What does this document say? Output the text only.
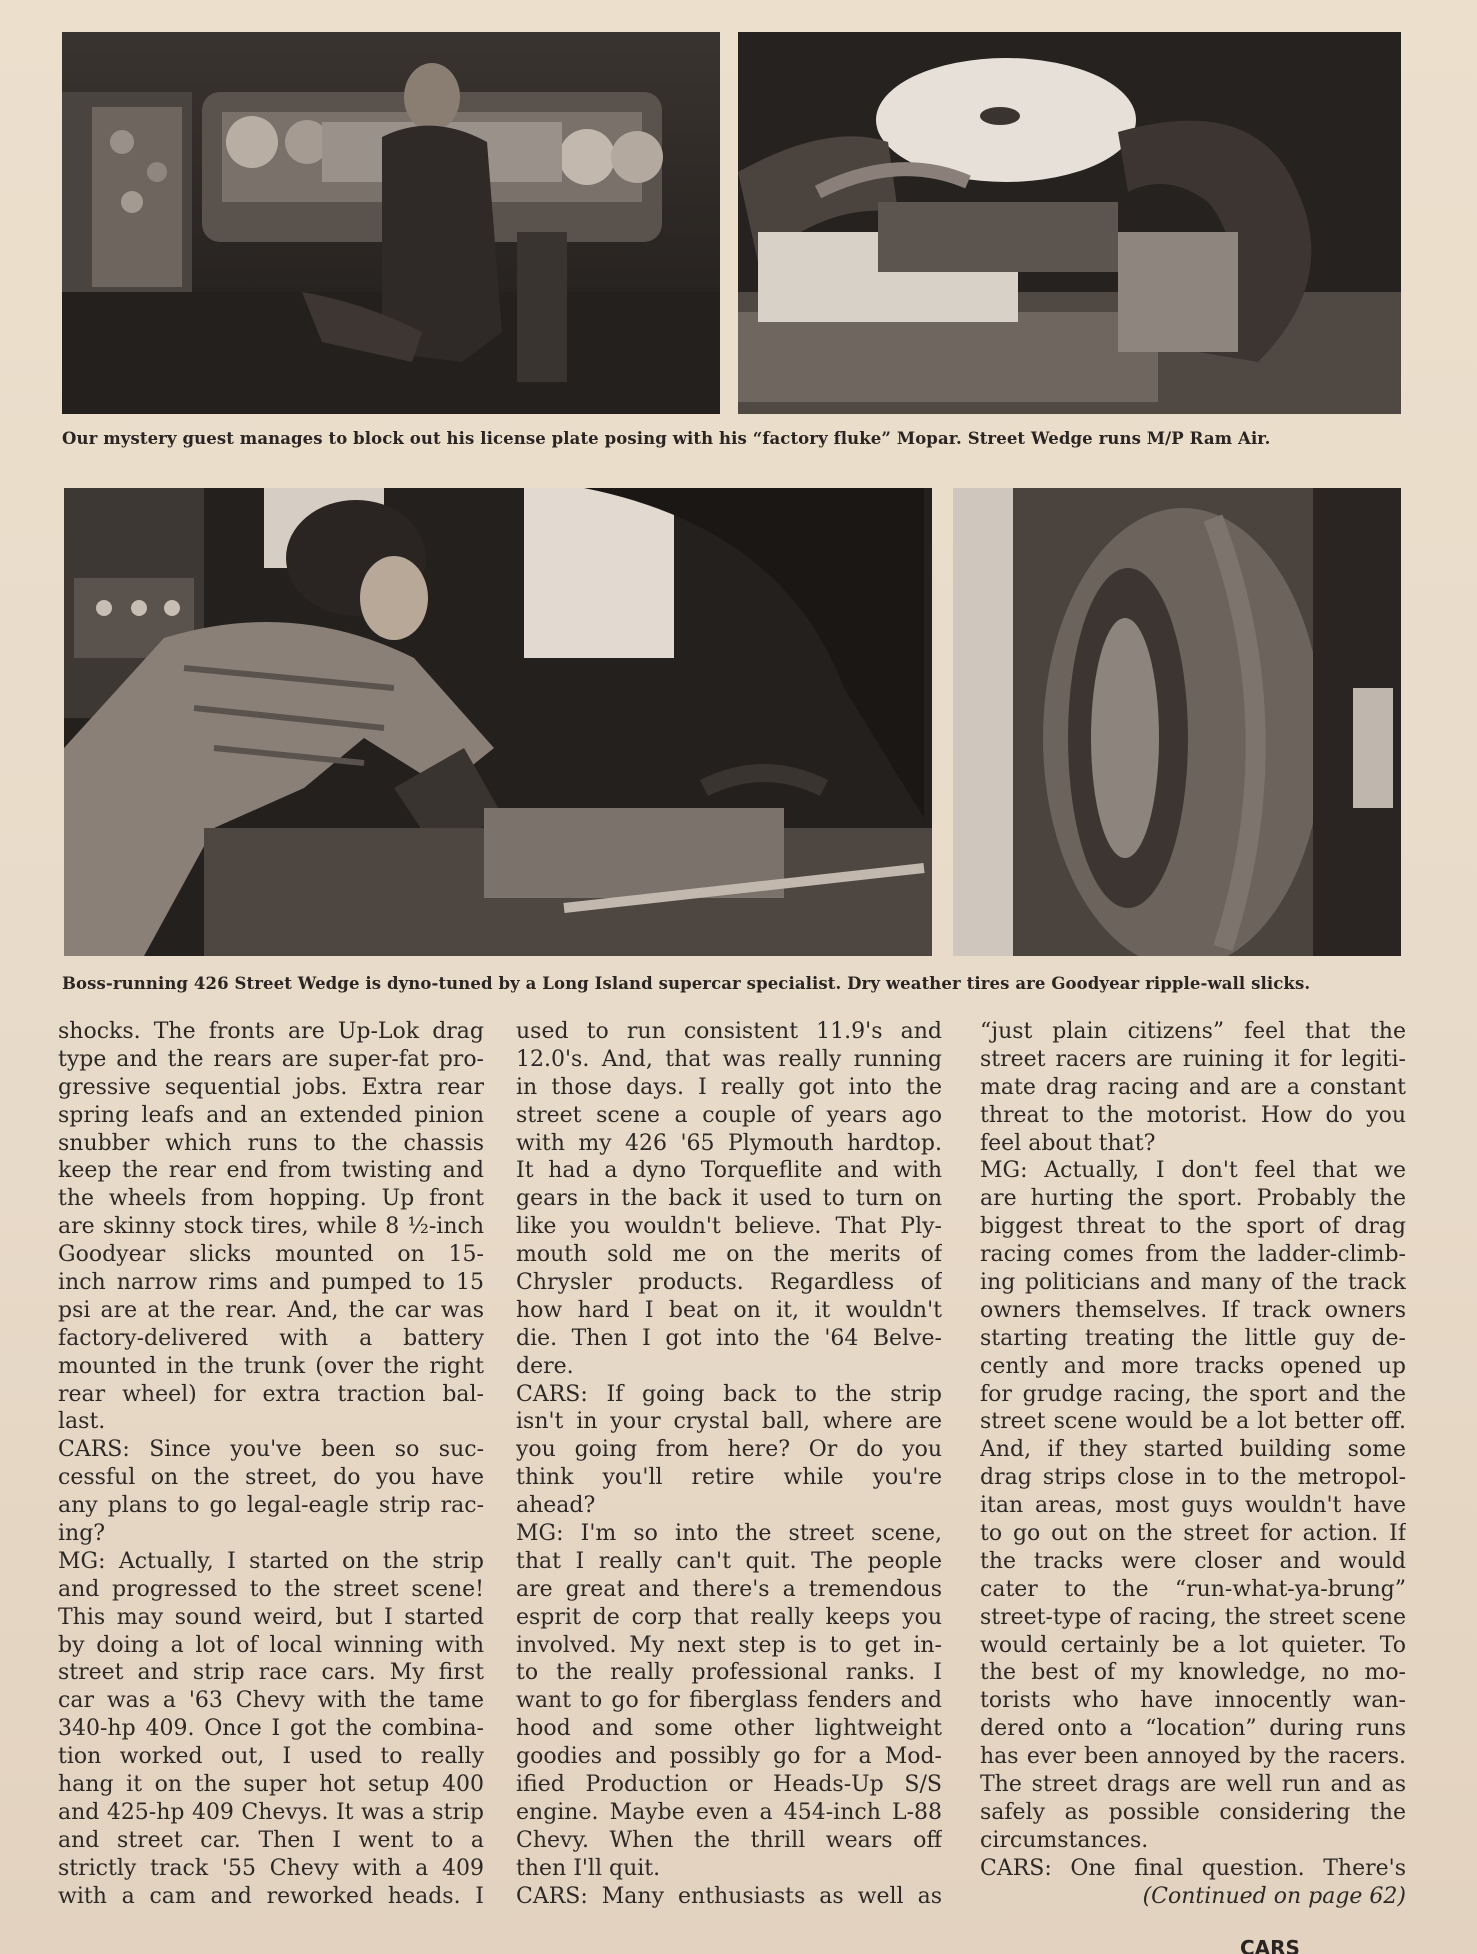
Our mystery guest manages to block out his license plate posing with his “factory fluke” Mopar. Street Wedge runs M/P Ram Air.
Boss-running 426 Street Wedge is dyno-tuned by a Long Island supercar specialist. Dry weather tires are Goodyear ripple-wall slicks.
shocks. The fronts are Up-Lok drag
type and the rears are super-fat pro-
gressive sequential jobs. Extra rear
spring leafs and an extended pinion
snubber which runs to the chassis
keep the rear end from twisting and
the wheels from hopping. Up front
are skinny stock tires, while 8 ½-inch
Goodyear slicks mounted on 15-
inch narrow rims and pumped to 15
psi are at the rear. And, the car was
factory-delivered with a battery
mounted in the trunk (over the right
rear wheel) for extra traction bal-
last.
CARS: Since you've been so suc-
cessful on the street, do you have
any plans to go legal-eagle strip rac-
ing?
MG: Actually, I started on the strip
and progressed to the street scene!
This may sound weird, but I started
by doing a lot of local winning with
street and strip race cars. My first
car was a '63 Chevy with the tame
340-hp 409. Once I got the combina-
tion worked out, I used to really
hang it on the super hot setup 400
and 425-hp 409 Chevys. It was a strip
and street car. Then I went to a
strictly track '55 Chevy with a 409
with a cam and reworked heads. I
used to run consistent 11.9's and
12.0's. And, that was really running
in those days. I really got into the
street scene a couple of years ago
with my 426 '65 Plymouth hardtop.
It had a dyno Torqueflite and with
gears in the back it used to turn on
like you wouldn't believe. That Ply-
mouth sold me on the merits of
Chrysler products. Regardless of
how hard I beat on it, it wouldn't
die. Then I got into the '64 Belve-
dere.
CARS: If going back to the strip
isn't in your crystal ball, where are
you going from here? Or do you
think you'll retire while you're
ahead?
MG: I'm so into the street scene,
that I really can't quit. The people
are great and there's a tremendous
esprit de corp that really keeps you
involved. My next step is to get in-
to the really professional ranks. I
want to go for fiberglass fenders and
hood and some other lightweight
goodies and possibly go for a Mod-
ified Production or Heads-Up S/S
engine. Maybe even a 454-inch L-88
Chevy. When the thrill wears off
then I'll quit.
CARS: Many enthusiasts as well as
“just plain citizens” feel that the
street racers are ruining it for legiti-
mate drag racing and are a constant
threat to the motorist. How do you
feel about that?
MG: Actually, I don't feel that we
are hurting the sport. Probably the
biggest threat to the sport of drag
racing comes from the ladder-climb-
ing politicians and many of the track
owners themselves. If track owners
starting treating the little guy de-
cently and more tracks opened up
for grudge racing, the sport and the
street scene would be a lot better off.
And, if they started building some
drag strips close in to the metropol-
itan areas, most guys wouldn't have
to go out on the street for action. If
the tracks were closer and would
cater to the “run-what-ya-brung”
street-type of racing, the street scene
would certainly be a lot quieter. To
the best of my knowledge, no mo-
torists who have innocently wan-
dered onto a “location” during runs
has ever been annoyed by the racers.
The street drags are well run and as
safely as possible considering the
circumstances.
CARS: One final question. There's
(Continued on page 62)
CARS
